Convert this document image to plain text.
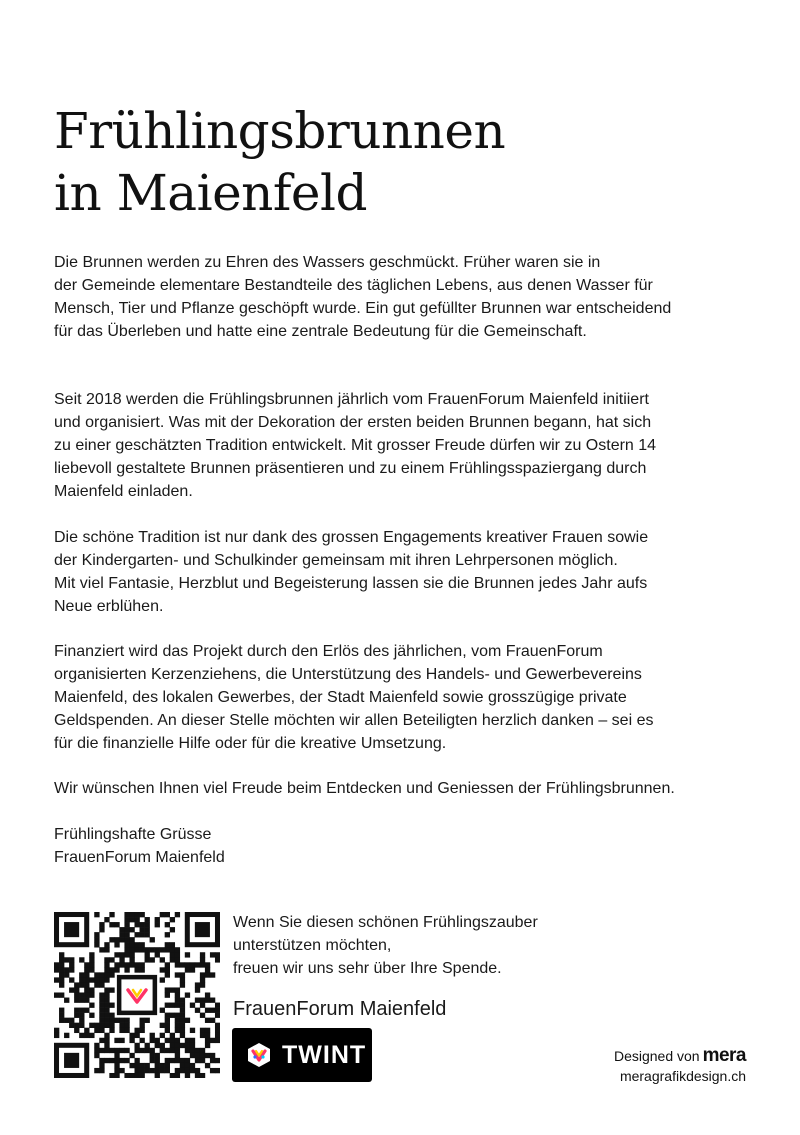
Frühlingsbrunnen
in Maienfeld

Die Brunnen werden zu Ehren des Wassers geschmückt. Früher waren sie in
der Gemeinde elementare Bestandteile des täglichen Lebens, aus denen Wasser für
Mensch, Tier und Pflanze geschöpft wurde. Ein gut gefüllter Brunnen war entscheidend
für das Überleben und hatte eine zentrale Bedeutung für die Gemeinschaft.

Seit 2018 werden die Frühlingsbrunnen jährlich vom FrauenForum Maienfeld initiiert
und organisiert. Was mit der Dekoration der ersten beiden Brunnen begann, hat sich
zu einer geschätzten Tradition entwickelt. Mit grosser Freude dürfen wir zu Ostern 14
liebevoll gestaltete Brunnen präsentieren und zu einem Frühlingsspaziergang durch
Maienfeld einladen.

Die schöne Tradition ist nur dank des grossen Engagements kreativer Frauen sowie
der Kindergarten- und Schulkinder gemeinsam mit ihren Lehrpersonen möglich.
Mit viel Fantasie, Herzblut und Begeisterung lassen sie die Brunnen jedes Jahr aufs
Neue erblühen.

Finanziert wird das Projekt durch den Erlös des jährlichen, vom FrauenForum
organisierten Kerzenziehens, die Unterstützung des Handels- und Gewerbevereins
Maienfeld, des lokalen Gewerbes, der Stadt Maienfeld sowie grosszügige private
Geldspenden. An dieser Stelle möchten wir allen Beteiligten herzlich danken – sei es
für die finanzielle Hilfe oder für die kreative Umsetzung.

Wir wünschen Ihnen viel Freude beim Entdecken und Geniessen der Frühlingsbrunnen.

Frühlingshafte Grüsse
FrauenForum Maienfeld

Wenn Sie diesen schönen Frühlingszauber
unterstützen möchten,
freuen wir uns sehr über Ihre Spende.

FrauenForum Maienfeld
TWINT	Designed von mera
meragrafikdesign.ch
